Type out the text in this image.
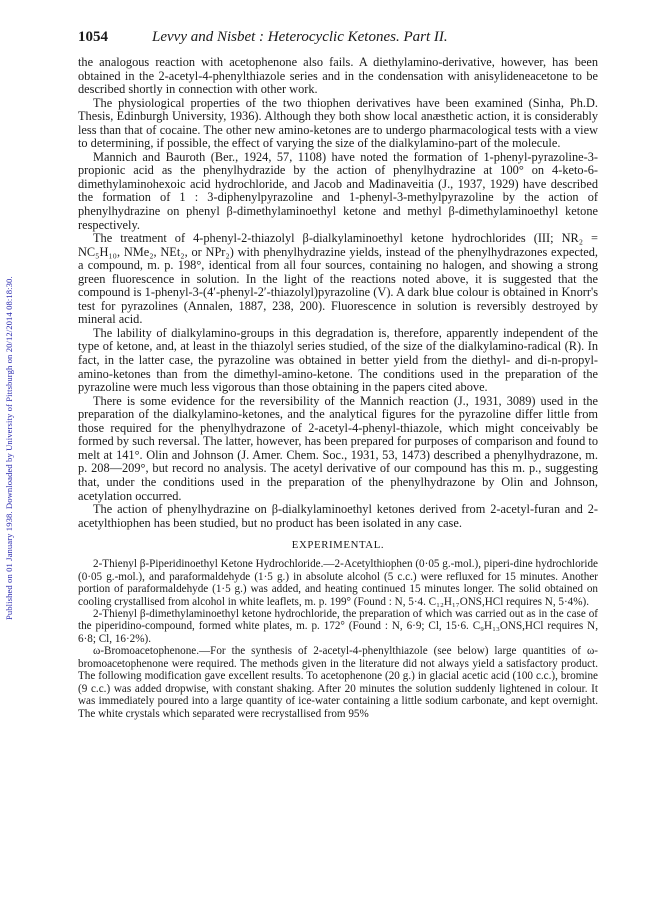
Published on 01 January 1938. Downloaded by University of Pittsburgh on 20/12/2014 08:18:30.
1054	Levvy and Nisbet : Heterocyclic Ketones. Part II.

the analogous reaction with acetophenone also fails. A diethylamino-derivative, however, has been obtained in the 2-acetyl-4-phenylthiazole series and in the condensation with anisylideneacetone to be described shortly in connection with other work.

The physiological properties of the two thiophen derivatives have been examined (Sinha, Ph.D. Thesis, Edinburgh University, 1936). Although they both show local anæsthetic action, it is considerably less than that of cocaine. The other new amino-ketones are to undergo pharmacological tests with a view to determining, if possible, the effect of varying the size of the dialkylamino-part of the molecule.

Mannich and Bauroth (Ber., 1924, 57, 1108) have noted the formation of 1-phenyl-pyrazoline-3-propionic acid as the phenylhydrazide by the action of phenylhydrazine at 100° on 4-keto-6-dimethylaminohexoic acid hydrochloride, and Jacob and Madinaveitia (J., 1937, 1929) have described the formation of 1 : 3-diphenylpyrazoline and 1-phenyl-3-methylpyrazoline by the action of phenylhydrazine on phenyl β-dimethylaminoethyl ketone and methyl β-dimethylaminoethyl ketone respectively.

The treatment of 4-phenyl-2-thiazolyl β-dialkylaminoethyl ketone hydrochlorides (III; NR₂ = NC₅H₁₀, NMe₂, NEt₂, or NPr₂) with phenylhydrazine yields, instead of the phenylhydrazones expected, a compound, m. p. 198°, identical from all four sources, containing no halogen, and showing a strong green fluorescence in solution. In the light of the reactions noted above, it is suggested that the compound is 1-phenyl-3-(4′-phenyl-2′-thiazolyl)pyrazoline (V). A dark blue colour is obtained in Knorr's test for pyrazolines (Annalen, 1887, 238, 200). Fluorescence in solution is reversibly destroyed by mineral acid.

The lability of dialkylamino-groups in this degradation is, therefore, apparently independent of the type of ketone, and, at least in the thiazolyl series studied, of the size of the dialkylamino-radical (R). In fact, in the latter case, the pyrazoline was obtained in better yield from the diethyl- and di-n-propyl-amino-ketones than from the dimethyl-amino-ketone. The conditions used in the preparation of the pyrazoline were much less vigorous than those obtaining in the papers cited above.

There is some evidence for the reversibility of the Mannich reaction (J., 1931, 3089) used in the preparation of the dialkylamino-ketones, and the analytical figures for the pyrazoline differ little from those required for the phenylhydrazone of 2-acetyl-4-phenyl-thiazole, which might conceivably be formed by such reversal. The latter, however, has been prepared for purposes of comparison and found to melt at 141°. Olin and Johnson (J. Amer. Chem. Soc., 1931, 53, 1473) described a phenylhydrazone, m. p. 208—209°, but record no analysis. The acetyl derivative of our compound has this m. p., suggesting that, under the conditions used in the preparation of the phenylhydrazone by Olin and Johnson, acetylation occurred.

The action of phenylhydrazine on β-dialkylaminoethyl ketones derived from 2-acetyl-furan and 2-acetylthiophen has been studied, but no product has been isolated in any case.

EXPERIMENTAL.

2-Thienyl β-Piperidinoethyl Ketone Hydrochloride.—2-Acetylthiophen (0·05 g.-mol.), piperi-dine hydrochloride (0·05 g.-mol.), and paraformaldehyde (1·5 g.) in absolute alcohol (5 c.c.) were refluxed for 15 minutes. Another portion of paraformaldehyde (1·5 g.) was added, and heating continued 15 minutes longer. The solid obtained on cooling crystallised from alcohol in white leaflets, m. p. 199° (Found : N, 5·4. C₁₂H₁₇ONS,HCl requires N, 5·4%).

2-Thienyl β-dimethylaminoethyl ketone hydrochloride, the preparation of which was carried out as in the case of the piperidino-compound, formed white plates, m. p. 172° (Found : N, 6·9; Cl, 15·6. C₉H₁₃ONS,HCl requires N, 6·8; Cl, 16·2%).

ω-Bromoacetophenone.—For the synthesis of 2-acetyl-4-phenylthiazole (see below) large quantities of ω-bromoacetophenone were required. The methods given in the literature did not always yield a satisfactory product. The following modification gave excellent results. To acetophenone (20 g.) in glacial acetic acid (100 c.c.), bromine (9 c.c.) was added dropwise, with constant shaking. After 20 minutes the solution suddenly lightened in colour. It was immediately poured into a large quantity of ice-water containing a little sodium carbonate, and kept overnight. The white crystals which separated were recrystallised from 95%
